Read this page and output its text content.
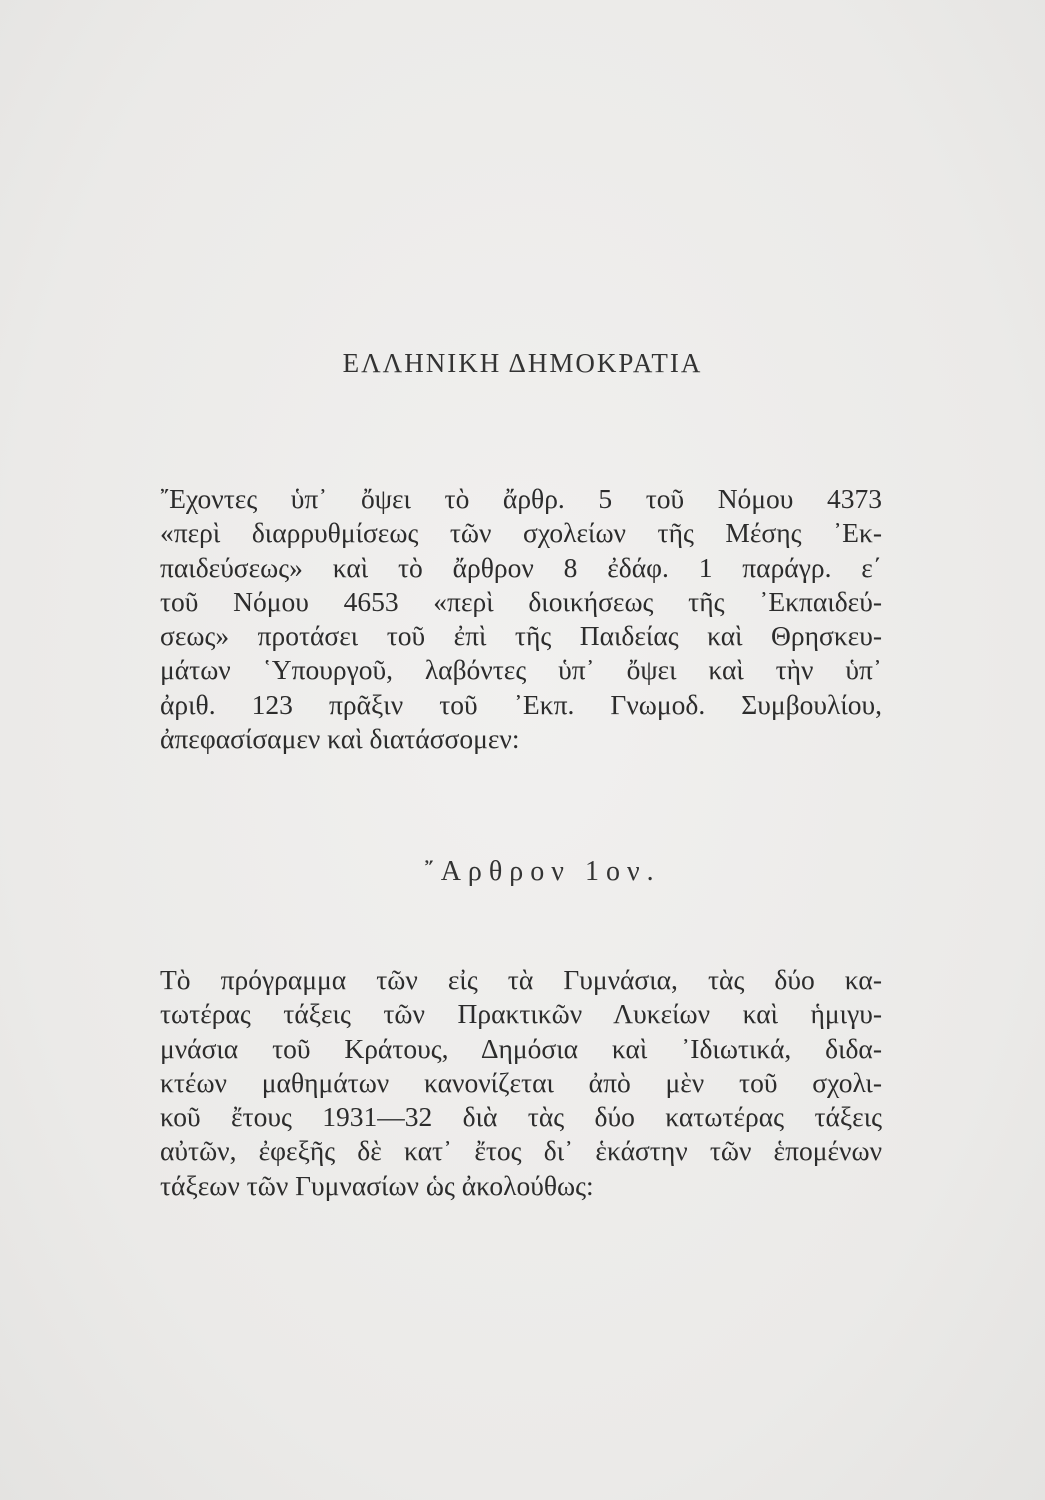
ΕΛΛΗΝΙΚΗ ΔΗΜΟΚΡΑΤΙΑ
῎Εχοντες ὑπ᾽ ὄψει τὸ ἄρθρ. 5 τοῦ Νόμου 4373
«περὶ διαρρυθμίσεως τῶν σχολείων τῆς Μέσης ᾿Εκ-
παιδεύσεως» καὶ τὸ ἄρθρον 8 ἐδάφ. 1 παράγρ. ε΄
τοῦ Νόμου 4653 «περὶ διοικήσεως τῆς ᾿Εκπαιδεύ-
σεως» προτάσει τοῦ ἐπὶ τῆς Παιδείας καὶ Θρησκευ-
μάτων ῾Υπουργοῦ, λαβόντες ὑπ᾽ ὄψει καὶ τὴν ὑπ᾽
ἀριθ. 123 πρᾶξιν τοῦ ᾿Εκπ. Γνωμοδ. Συμβουλίου,
ἀπεφασίσαμεν καὶ διατάσσομεν:
῎Αρθρον 1ον.
Τὸ πρόγραμμα τῶν εἰς τὰ Γυμνάσια, τὰς δύο κα-
τωτέρας τάξεις τῶν Πρακτικῶν Λυκείων καὶ ἡμιγυ-
μνάσια τοῦ Κράτους, Δημόσια καὶ ᾿Ιδιωτικά, διδα-
κτέων μαθημάτων κανονίζεται ἀπὸ μὲν τοῦ σχολι-
κοῦ ἔτους 1931—32 διὰ τὰς δύο κατωτέρας τάξεις
αὐτῶν, ἐφεξῆς δὲ κατ᾽ ἔτος δι᾽ ἑκάστην τῶν ἑπομένων
τάξεων τῶν Γυμνασίων ὡς ἀκολούθως:
